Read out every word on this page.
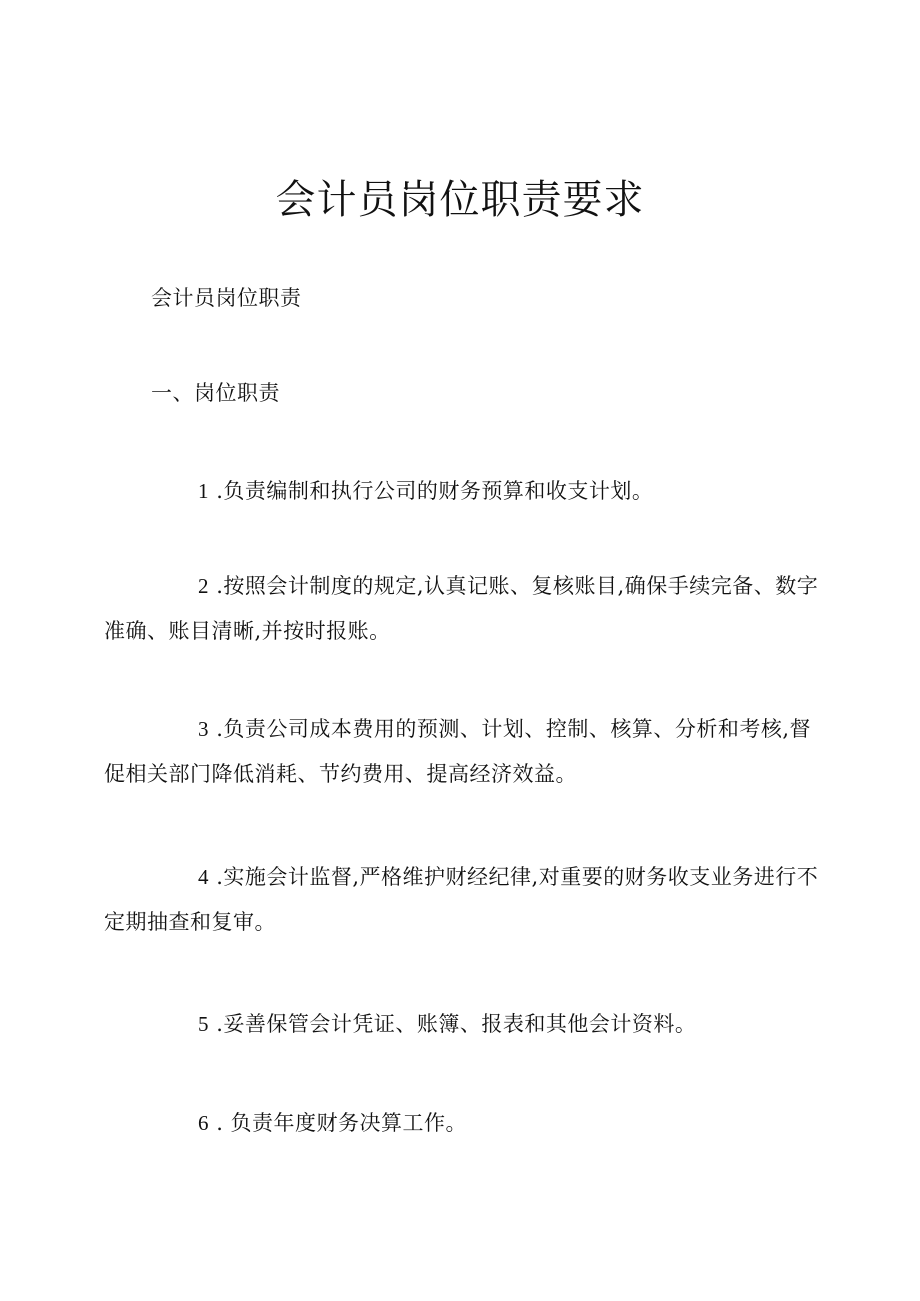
会计员岗位职责要求

会计员岗位职责

一、岗位职责

1 .负责编制和执行公司的财务预算和收支计划。

2 .按照会计制度的规定,认真记账、复核账目,确保手续完备、数字准确、账目清晰,并按时报账。

3 .负责公司成本费用的预测、计划、控制、核算、分析和考核,督促相关部门降低消耗、节约费用、提高经济效益。

4 .实施会计监督,严格维护财经纪律,对重要的财务收支业务进行不定期抽查和复审。

5 .妥善保管会计凭证、账簿、报表和其他会计资料。

6 . 负责年度财务决算工作。
